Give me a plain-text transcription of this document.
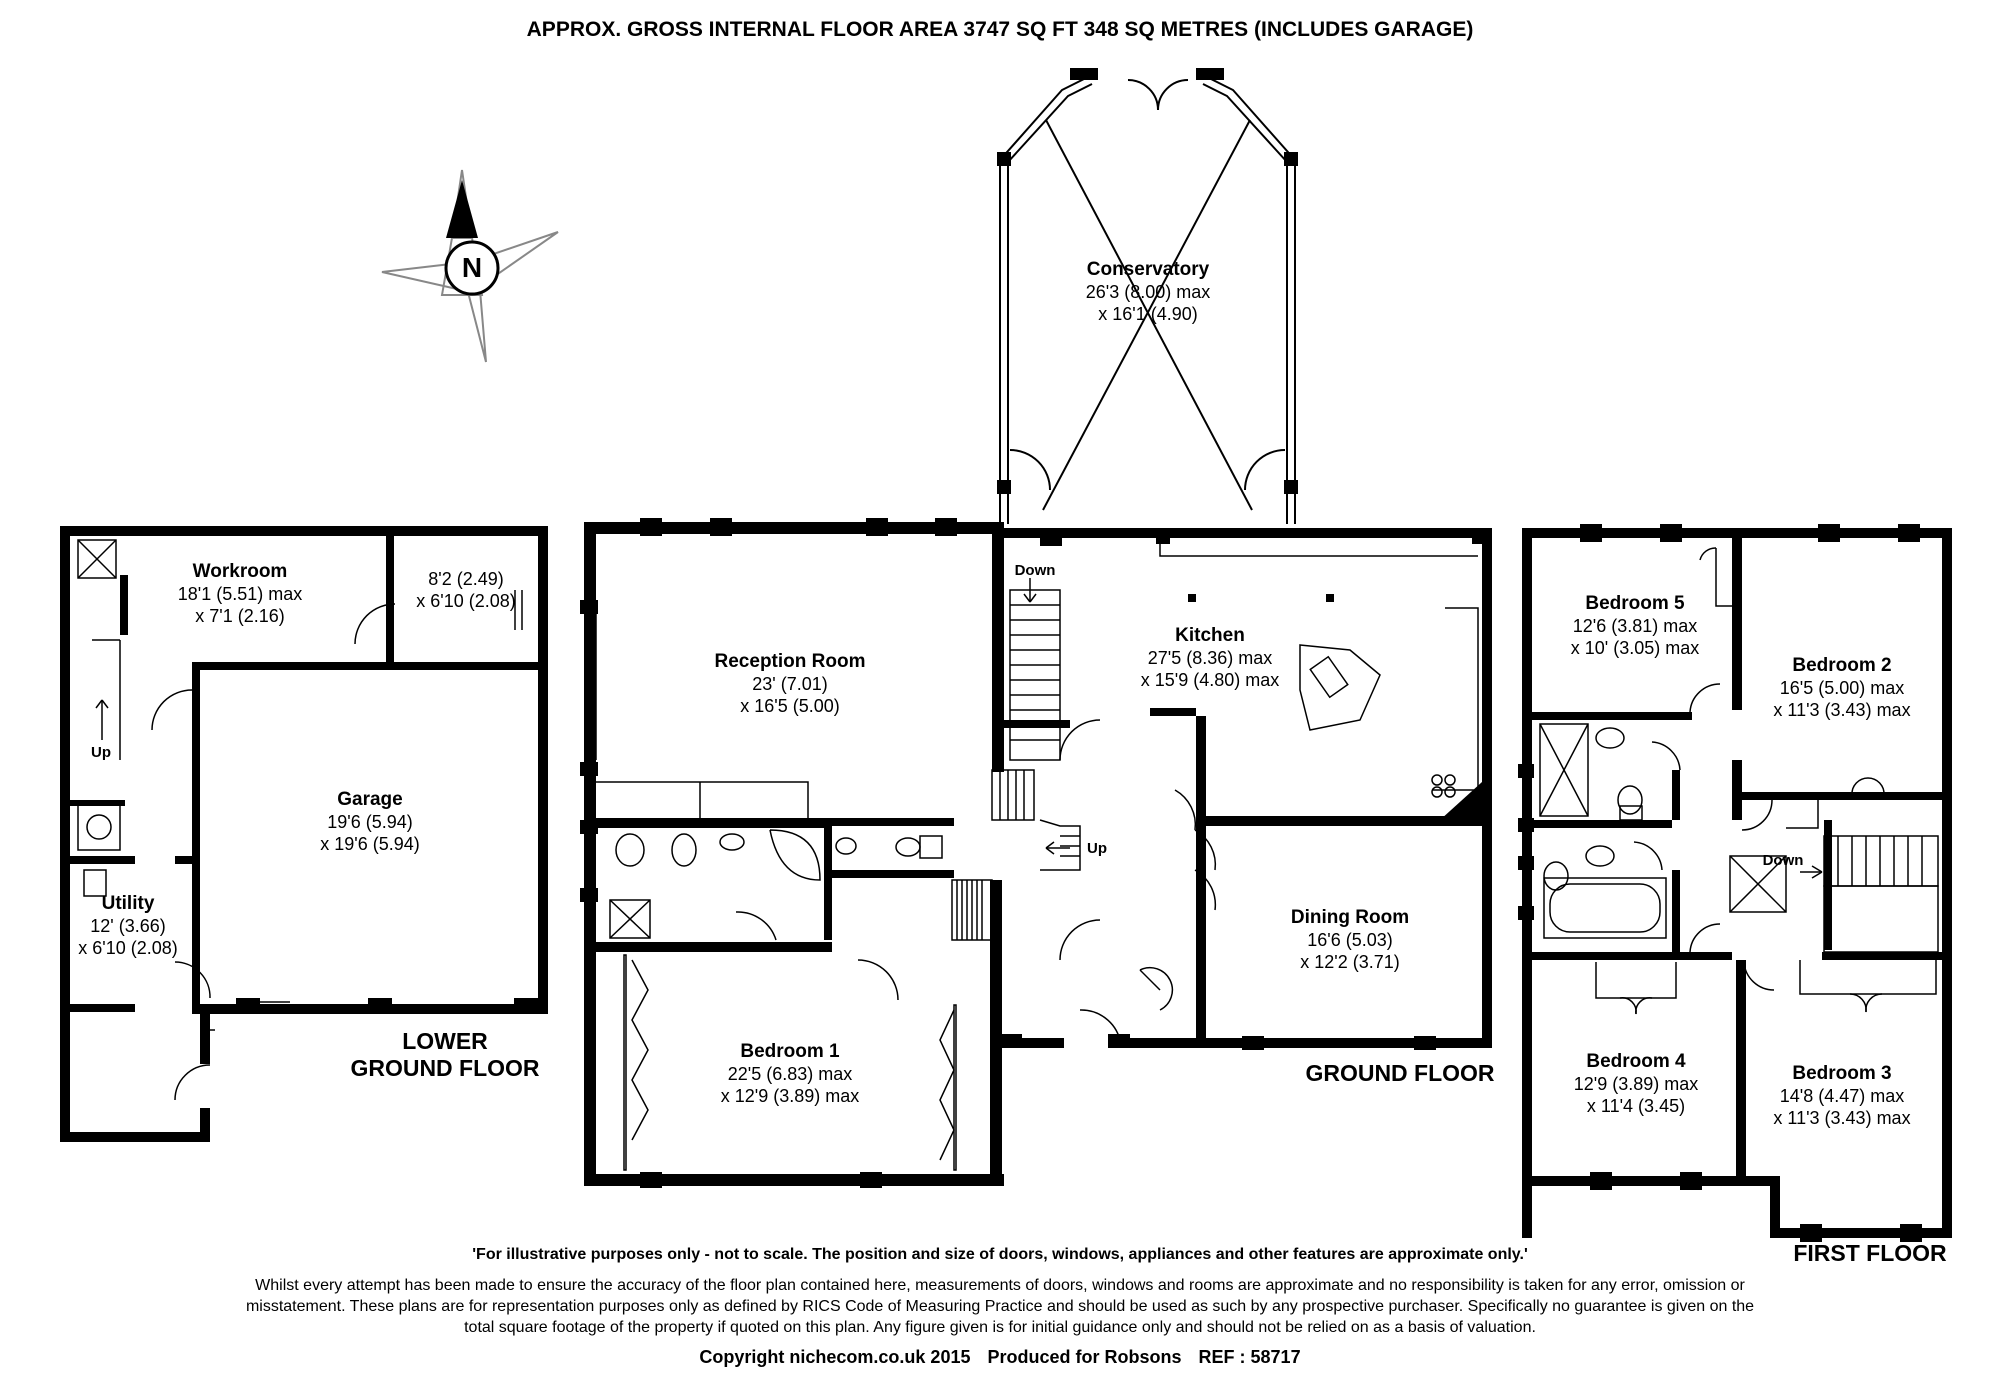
APPROX. GROSS INTERNAL FLOOR AREA 3747 SQ FT 348 SQ METRES (INCLUDES GARAGE)
N
LOWER
GROUND FLOOR	GROUND FLOOR
FIRST FLOOR
Workroom
18'1 (5.51) max
x 7'1 (2.16)
8'2 (2.49)
x 6'10 (2.08)
Garage
19'6 (5.94)
x 19'6 (5.94)
Utility
12' (3.66)
x 6'10 (2.08)
Up
Conservatory
26'3 (8.00) max
x 16'1 (4.90)
Reception Room
23' (7.01)
x 16'5 (5.00)
Kitchen
27'5 (8.36) max
x 15'9 (4.80) max
Dining Room
16'6 (5.03)
x 12'2 (3.71)
Bedroom 1
22'5 (6.83) max
x 12'9 (3.89) max
Down
Up
Bedroom 5
12'6 (3.81) max
x 10' (3.05) max
Bedroom 2
16'5 (5.00) max
x 11'3 (3.43) max
Bedroom 4
12'9 (3.89) max
x 11'4 (3.45)
Bedroom 3
14'8 (4.47) max
x 11'3 (3.43) max
Down
'For illustrative purposes only - not to scale. The position and size of doors, windows, appliances and other features are approximate only.'
Whilst every attempt has been made to ensure the accuracy of the floor plan contained here, measurements of doors, windows and rooms are approximate and no responsibility is taken for any error, omission or misstatement. These plans are for representation purposes only as defined by RICS Code of Measuring Practice and should be used as such by any prospective purchaser. Specifically no guarantee is given on the total square footage of the property if quoted on this plan. Any figure given is for initial guidance only and should not be relied on as a basis of valuation.
Copyright nichecom.co.uk 2015 Produced for Robsons REF : 58717
